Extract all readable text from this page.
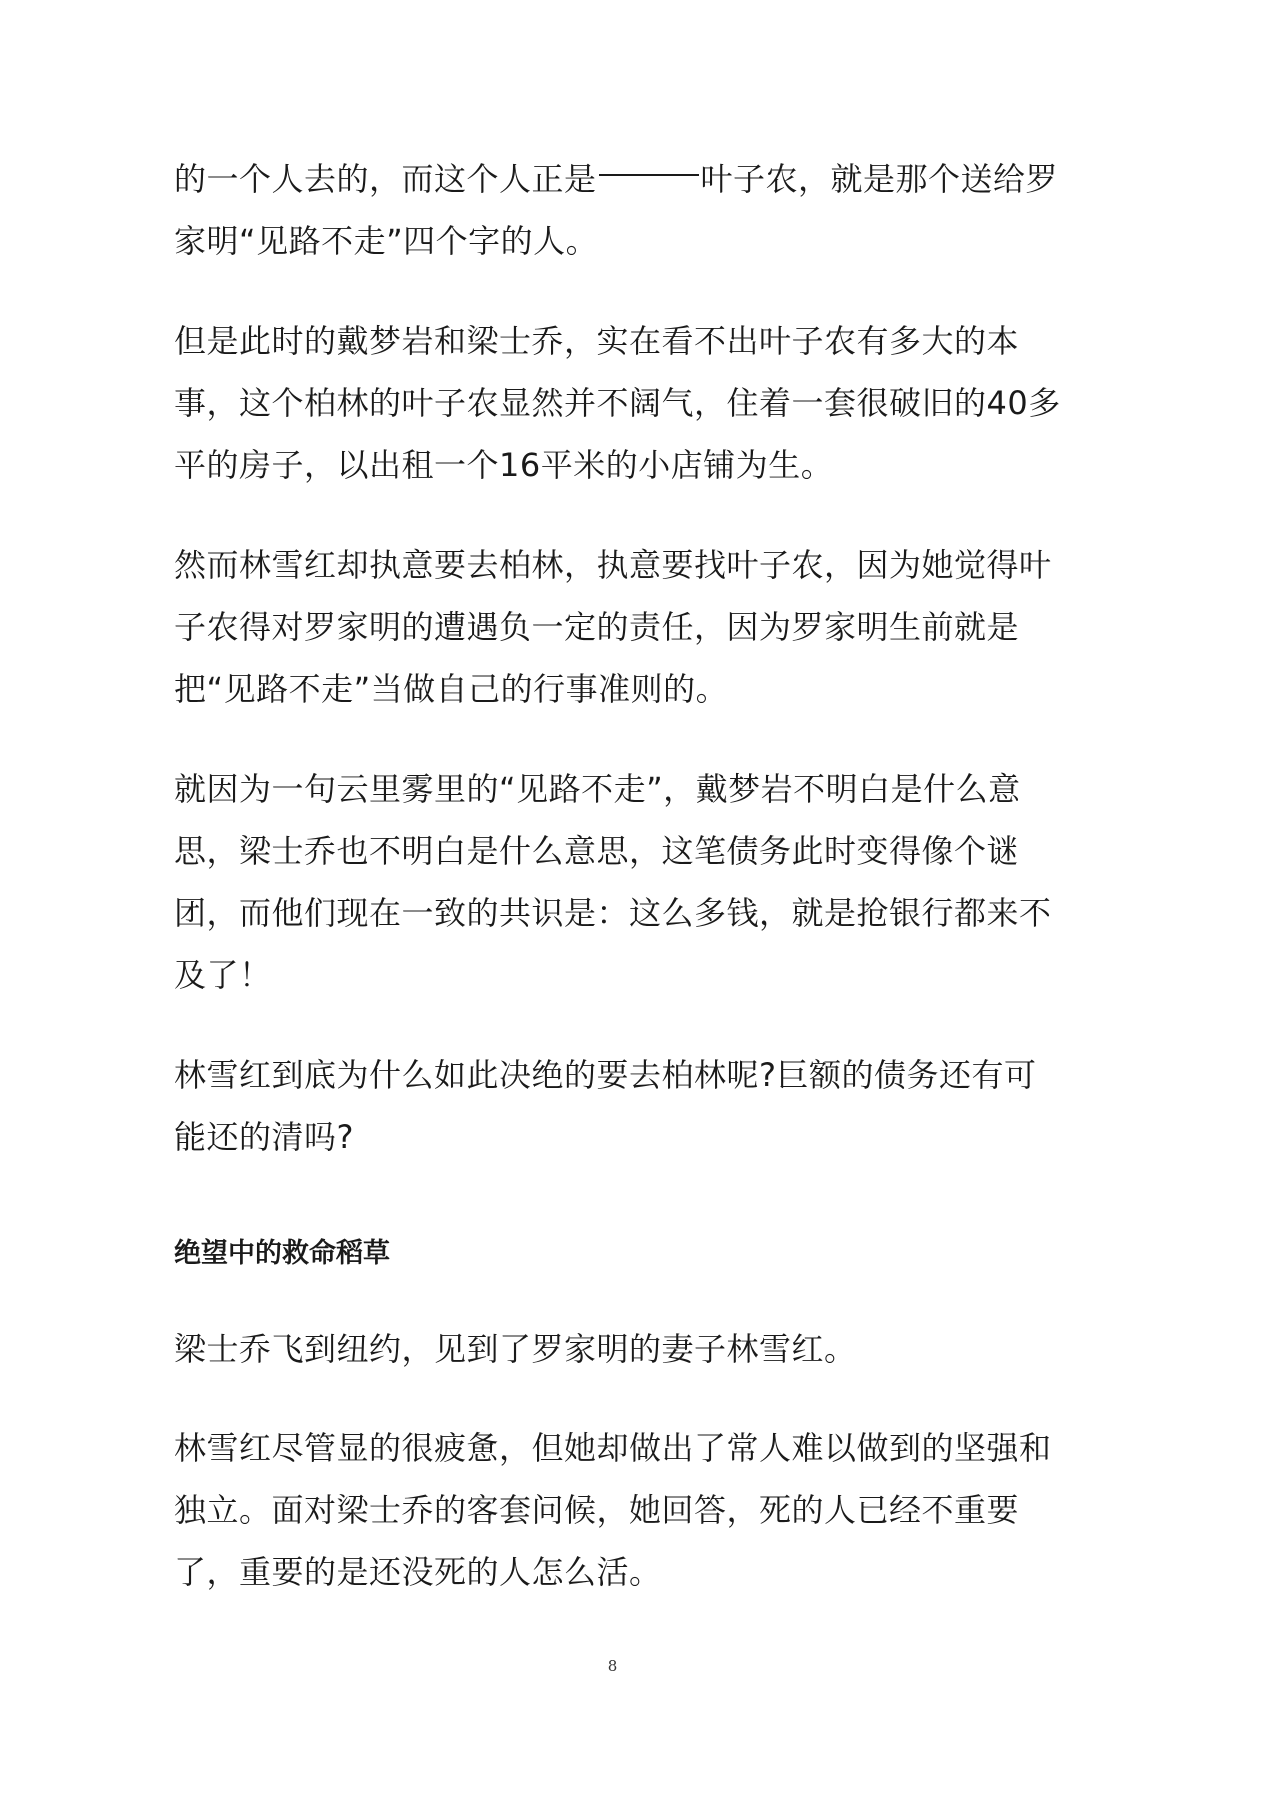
的一个人去的，而这个人正是	叶子农，就是那个送给罗家明“见路不走”四个字的人。

但是此时的戴梦岩和梁士乔，实在看不出叶子农有多大的本事，这个柏林的叶子农显然并不阔气，住着一套很破旧的40多平的房子，以出租一个16平米的小店铺为生。

然而林雪红却执意要去柏林，执意要找叶子农，因为她觉得叶子农得对罗家明的遭遇负一定的责任，因为罗家明生前就是把“见路不走”当做自己的行事准则的。

就因为一句云里雾里的“见路不走”，戴梦岩不明白是什么意思，梁士乔也不明白是什么意思，这笔债务此时变得像个谜团，而他们现在一致的共识是：这么多钱，就是抢银行都来不及了！

林雪红到底为什么如此决绝的要去柏林呢?巨额的债务还有可能还的清吗?

绝望中的救命稻草

梁士乔飞到纽约，见到了罗家明的妻子林雪红。

林雪红尽管显的很疲惫，但她却做出了常人难以做到的坚强和独立。面对梁士乔的客套问候，她回答，死的人已经不重要了，重要的是还没死的人怎么活。

8
